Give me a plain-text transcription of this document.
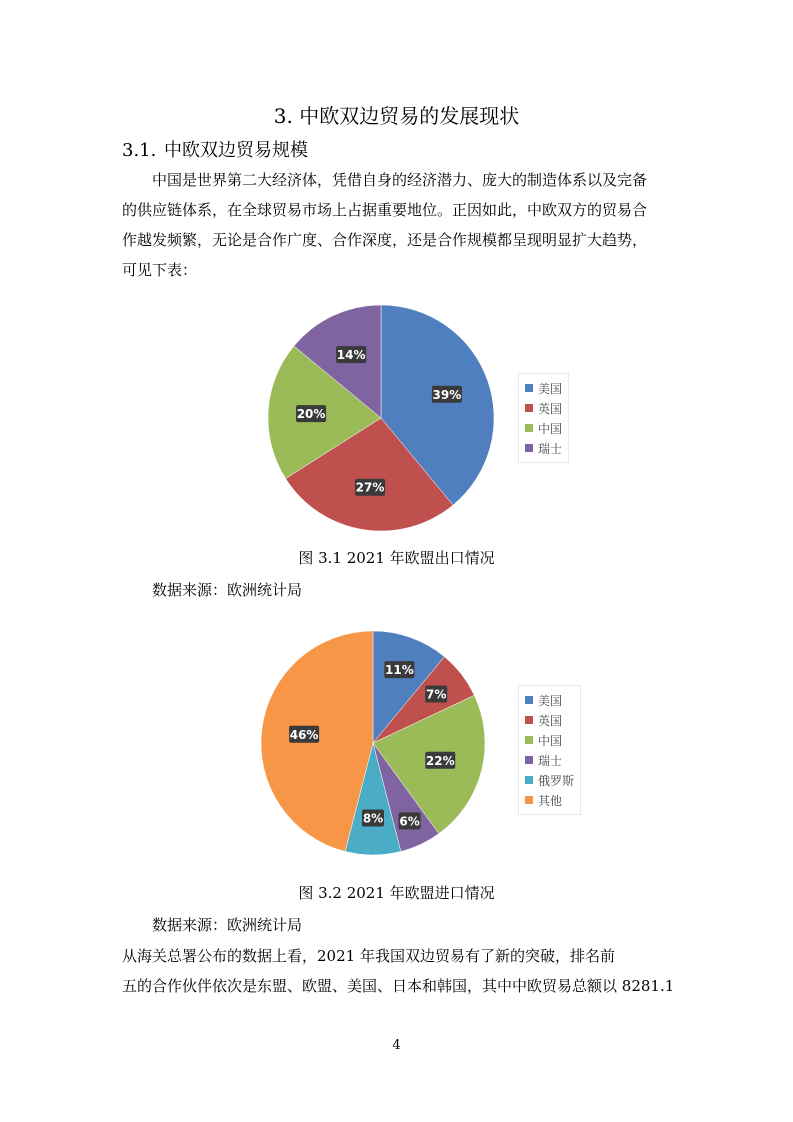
3. 中欧双边贸易的发展现状
3.1. 中欧双边贸易规模
中国是世界第二大经济体，凭借自身的经济潜力、庞大的制造体系以及完备
的供应链体系，在全球贸易市场上占据重要地位。正因如此，中欧双方的贸易合
作越发频繁，无论是合作广度、合作深度，还是合作规模都呈现明显扩大趋势，
可见下表：
39%
27%
20%
14%
美国
英国
中国
瑞士
图 3.1 2021 年欧盟出口情况
数据来源：欧洲统计局
11%
7%
22%
6%
8%
46%
美国
英国
中国
瑞士
俄罗斯
其他
图 3.2 2021 年欧盟进口情况
数据来源：欧洲统计局
从海关总署公布的数据上看，2021 年我国双边贸易有了新的突破，排名前
五的合作伙伴依次是东盟、欧盟、美国、日本和韩国，其中中欧贸易总额以 8281.1
4
